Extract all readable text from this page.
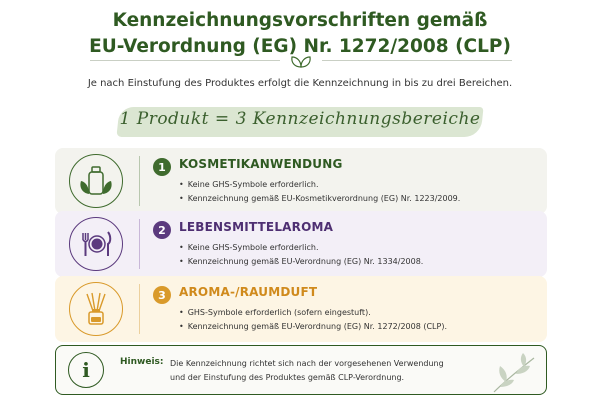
Kennzeichnungsvorschriften gemäß
EU-Verordnung (EG) Nr. 1272/2008 (CLP)

Je nach Einstufung des Produktes erfolgt die Kennzeichnung in bis zu drei Bereichen.

1 Produkt = 3 Kennzeichnungsbereiche

1	KOSMETIKANWENDUNG
• Keine GHS-Symbole erforderlich.
• Kennzeichnung gemäß EU-Kosmetikverordnung (EG) Nr. 1223/2009.
2	LEBENSMITTELAROMA
• Keine GHS-Symbole erforderlich.
• Kennzeichnung gemäß EU-Verordnung (EG) Nr. 1334/2008.
3	AROMA-/RAUMDUFT
• GHS-Symbole erforderlich (sofern eingestuft).
• Kennzeichnung gemäß EU-Verordnung (EG) Nr. 1272/2008 (CLP).
i	Hinweis: Die Kennzeichnung richtet sich nach der vorgesehenen Verwendung
und der Einstufung des Produktes gemäß CLP-Verordnung.
